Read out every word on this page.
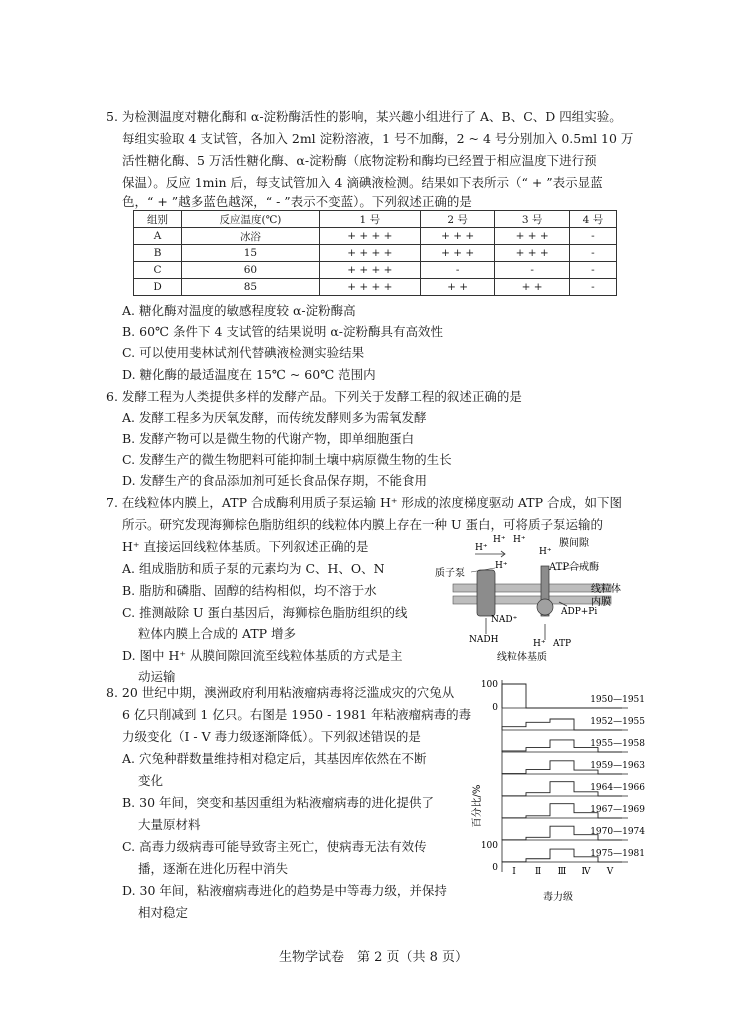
5. 为检测温度对糖化酶和 α-淀粉酶活性的影响，某兴趣小组进行了 A、B、C、D 四组实验。
每组实验取 4 支试管，各加入 2ml 淀粉溶液，1 号不加酶，2 ~ 4 号分别加入 0.5ml 10 万
活性糖化酶、5 万活性糖化酶、α-淀粉酶（底物淀粉和酶均已经置于相应温度下进行预
保温）。反应 1min 后，每支试管加入 4 滴碘液检测。结果如下表所示（“ + ”表示显蓝
色，“ + ”越多蓝色越深，“ - ”表示不变蓝）。下列叙述正确的是
组别	反应温度(℃)	1 号	2 号	3 号	4 号
A	冰浴	+ + + +	+ + +	+ + +	-
B	15	+ + + +	+ + +	+ + +	-
C	60	+ + + +	-	-	-
D	85	+ + + +	+ +	+ +	-
A. 糖化酶对温度的敏感程度较 α-淀粉酶高
B. 60℃ 条件下 4 支试管的结果说明 α-淀粉酶具有高效性
C. 可以使用斐林试剂代替碘液检测实验结果
D. 糖化酶的最适温度在 15℃ ~ 60℃ 范围内
6. 发酵工程为人类提供多样的发酵产品。下列关于发酵工程的叙述正确的是
A. 发酵工程多为厌氧发酵，而传统发酵则多为需氧发酵
B. 发酵产物可以是微生物的代谢产物，即单细胞蛋白
C. 发酵生产的微生物肥料可能抑制土壤中病原微生物的生长
D. 发酵生产的食品添加剂可延长食品保存期，不能食用
7. 在线粒体内膜上，ATP 合成酶利用质子泵运输 H⁺ 形成的浓度梯度驱动 ATP 合成，如下图
所示。研究发现海狮棕色脂肪组织的线粒体内膜上存在一种 U 蛋白，可将质子泵运输的
H⁺ 直接运回线粒体基质。下列叙述正确的是
A. 组成脂肪和质子泵的元素均为 C、H、O、N
B. 脂肪和磷脂、固醇的结构相似，均不溶于水
C. 推测敲除 U 蛋白基因后，海狮棕色脂肪组织的线
粒体内膜上合成的 ATP 增多
D. 图中 H⁺ 从膜间隙回流至线粒体基质的方式是主
动运输
H⁺
H⁺ H⁺
H⁺
H⁺
膜间隙
质子泵
ATP合成酶
线粒体
内膜
NAD⁺
NADH
ADP+Pi
H⁺ ATP
线粒体基质
8. 20 世纪中期，澳洲政府利用粘液瘤病毒将泛滥成灾的穴兔从
6 亿只削减到 1 亿只。右图是 1950 - 1981 年粘液瘤病毒的毒
力级变化（I - V 毒力级逐渐降低）。下列叙述错误的是
A. 穴兔种群数量维持相对稳定后，其基因库依然在不断
变化
B. 30 年间，突变和基因重组为粘液瘤病毒的进化提供了
大量原材料
C. 高毒力级病毒可能导致寄主死亡，使病毒无法有效传
播，逐渐在进化历程中消失
D. 30 年间，粘液瘤病毒进化的趋势是中等毒力级，并保持
相对稳定
百分比/%
100
0
100
0
毒力级
1950—1951
1952—1955
1955—1958
1959—1963
1964—1966
1967—1969
1970—1974
1975—1981
Ⅰ Ⅱ Ⅲ Ⅳ Ⅴ
生物学试卷　第 2 页（共 8 页）
